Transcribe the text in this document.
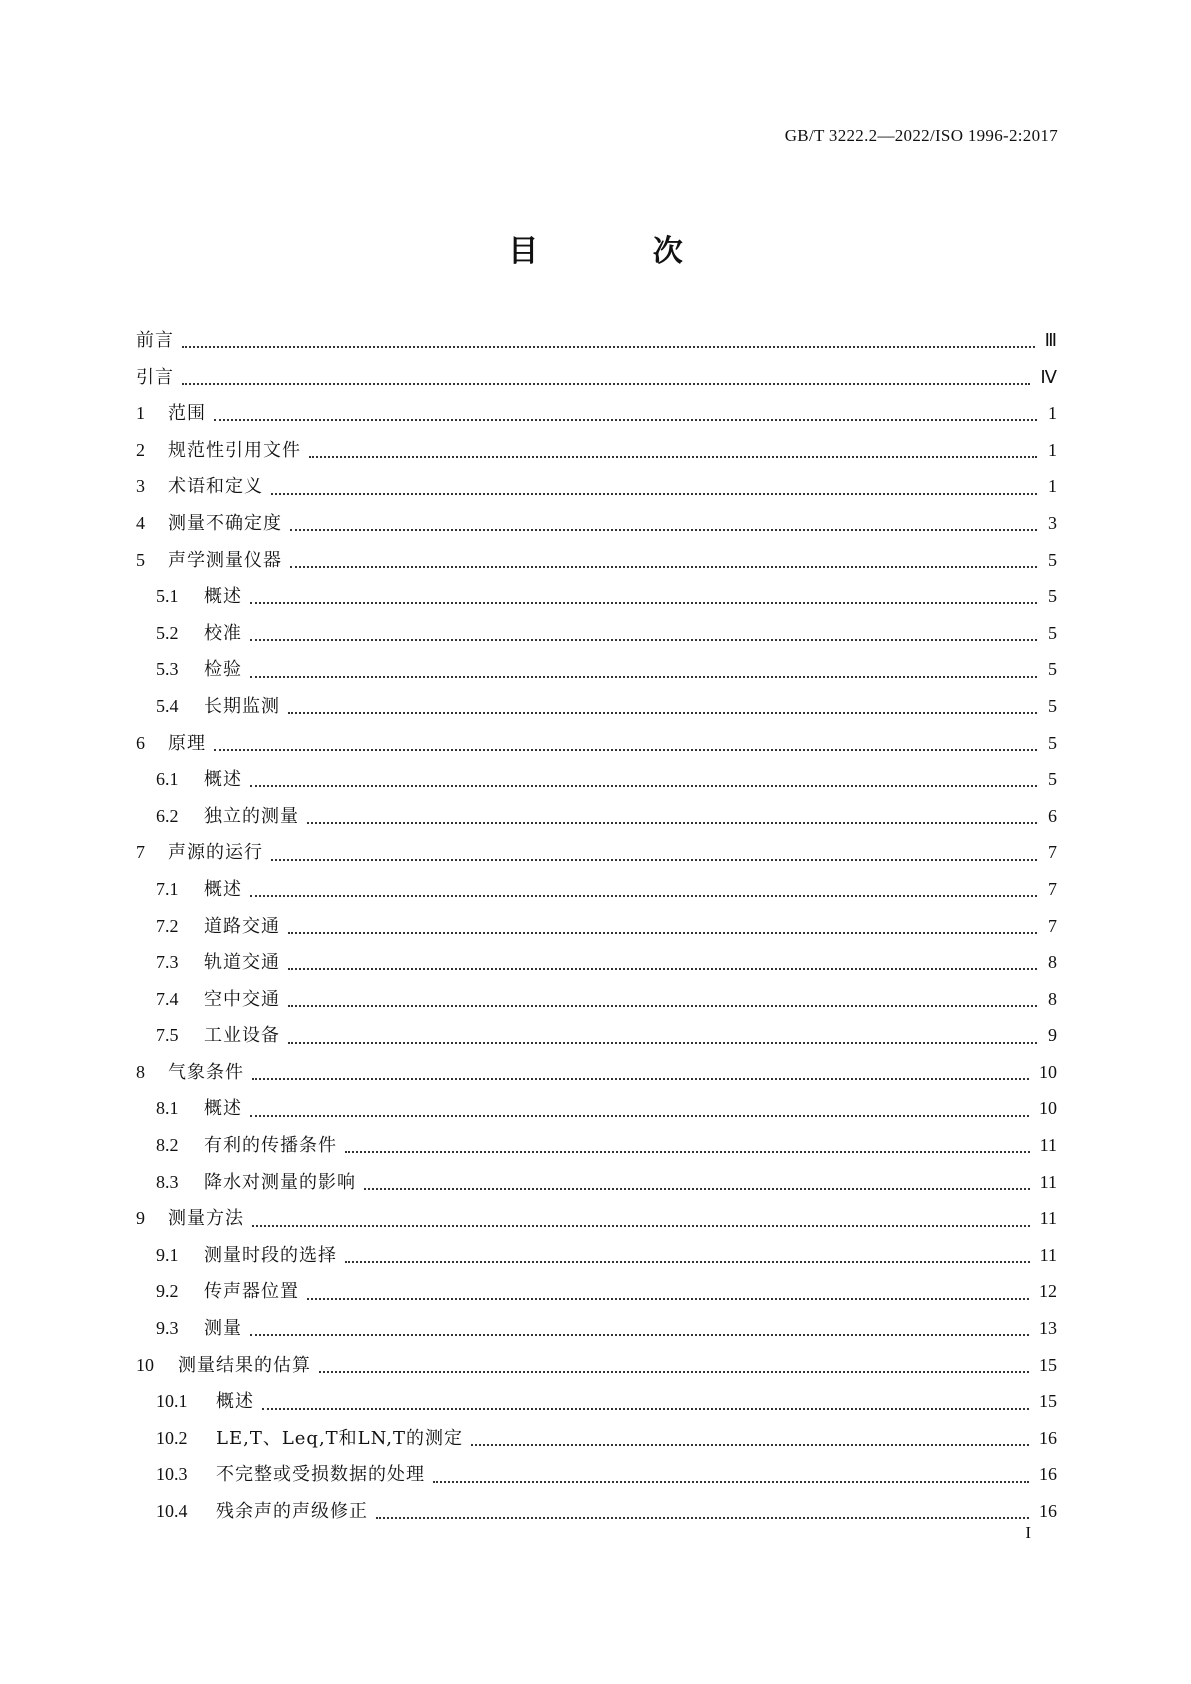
GB/T 3222.2—2022/ISO 1996-2:2017
目 次
前言	Ⅲ
引言	Ⅳ
1	范围	1
2	规范性引用文件	1
3	术语和定义	1
4	测量不确定度	3
5	声学测量仪器	5
5.1	概述	5
5.2	校准	5
5.3	检验	5
5.4	长期监测	5
6	原理	5
6.1	概述	5
6.2	独立的测量	6
7	声源的运行	7
7.1	概述	7
7.2	道路交通	7
7.3	轨道交通	8
7.4	空中交通	8
7.5	工业设备	9
8	气象条件	10
8.1	概述	10
8.2	有利的传播条件	11
8.3	降水对测量的影响	11
9	测量方法	11
9.1	测量时段的选择	11
9.2	传声器位置	12
9.3	测量	13
10	测量结果的估算	15
10.1	概述	15
10.2	LE,T、Leq,T和LN,T的测定	16
10.3	不完整或受损数据的处理	16
10.4	残余声的声级修正	16
I
